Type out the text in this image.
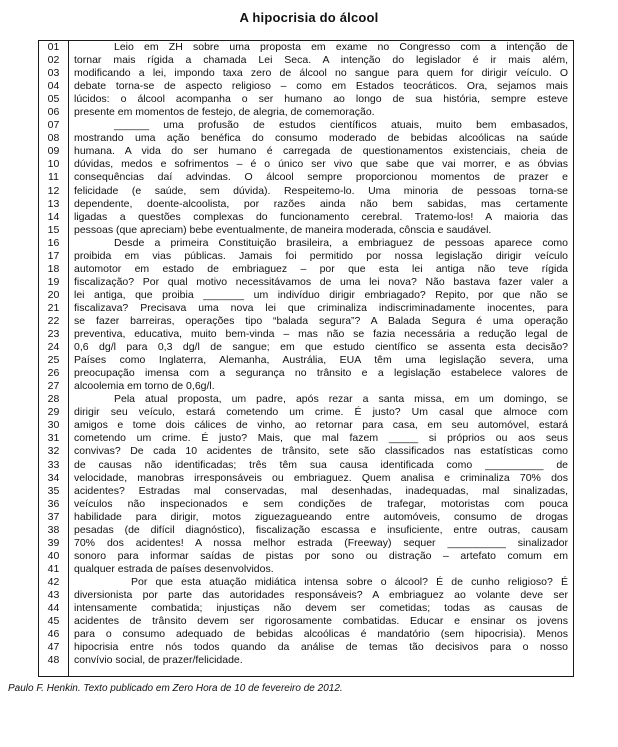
A hipocrisia do álcool
01	Leio em ZH sobre uma proposta em exame no Congresso com a intenção de
02	tornar mais rígida a chamada Lei Seca. A intenção do legislador é ir mais além,
03	modificando a lei, impondo taxa zero de álcool no sangue para quem for dirigir veículo. O
04	debate torna-se de aspecto religioso – como em Estados teocráticos. Ora, sejamos mais
05	lúcidos: o álcool acompanha o ser humano ao longo de sua história, sempre esteve
06	presente em momentos de festejo, de alegria, de comemoração.
07	______ uma profusão de estudos científicos atuais, muito bem embasados,
08	mostrando uma ação benéfica do consumo moderado de bebidas alcoólicas na saúde
09	humana. A vida do ser humano é carregada de questionamentos existenciais, cheia de
10	dúvidas, medos e sofrimentos – é o único ser vivo que sabe que vai morrer, e as óbvias
11	consequências daí advindas. O álcool sempre proporcionou momentos de prazer e
12	felicidade (e saúde, sem dúvida). Respeitemo-lo. Uma minoria de pessoas torna-se
13	dependente, doente-alcoolista, por razões ainda não bem sabidas, mas certamente
14	ligadas a questões complexas do funcionamento cerebral. Tratemo-los! A maioria das
15	pessoas (que apreciam) bebe eventualmente, de maneira moderada, cônscia e saudável.
16	Desde a primeira Constituição brasileira, a embriaguez de pessoas aparece como
17	proibida em vias públicas. Jamais foi permitido por nossa legislação dirigir veículo
18	automotor em estado de embriaguez – por que esta lei antiga não teve rígida
19	fiscalização? Por qual motivo necessitávamos de uma lei nova? Não bastava fazer valer a
20	lei antiga, que proibia _______ um indivíduo dirigir embriagado? Repito, por que não se
21	fiscalizava? Precisava uma nova lei que criminaliza indiscriminadamente inocentes, para
22	se fazer barreiras, operações tipo “balada segura”? A Balada Segura é uma operação
23	preventiva, educativa, muito bem-vinda – mas não se fazia necessária a redução legal de
24	0,6 dg/l para 0,3 dg/l de sangue; em que estudo científico se assenta esta decisão?
25	Países como Inglaterra, Alemanha, Austrália, EUA têm uma legislação severa, uma
26	preocupação imensa com a segurança no trânsito e a legislação estabelece valores de
27	alcoolemia em torno de 0,6g/l.
28	Pela atual proposta, um padre, após rezar a santa missa, em um domingo, se
29	dirigir seu veículo, estará cometendo um crime. É justo? Um casal que almoce com
30	amigos e tome dois cálices de vinho, ao retornar para casa, em seu automóvel, estará
31	cometendo um crime. É justo? Mais, que mal fazem _____ si próprios ou aos seus
32	convivas? De cada 10 acidentes de trânsito, sete são classificados nas estatísticas como
33	de causas não identificadas; três têm sua causa identificada como __________ de
34	velocidade, manobras irresponsáveis ou embriaguez. Quem analisa e criminaliza 70% dos
35	acidentes? Estradas mal conservadas, mal desenhadas, inadequadas, mal sinalizadas,
36	veículos não inspecionados e sem condições de trafegar, motoristas com pouca
37	habilidade para dirigir, motos ziguezagueando entre automóveis, consumo de drogas
38	pesadas (de difícil diagnóstico), fiscalização escassa e insuficiente, entre outras, causam
39	70% dos acidentes! A nossa melhor estrada (Freeway) sequer __________ sinalizador
40	sonoro para informar saídas de pistas por sono ou distração – artefato comum em
41	qualquer estrada de países desenvolvidos.
42	Por que esta atuação midiática intensa sobre o álcool? É de cunho religioso? É
43	diversionista por parte das autoridades responsáveis? A embriaguez ao volante deve ser
44	intensamente combatida; injustiças não devem ser cometidas; todas as causas de
45	acidentes de trânsito devem ser rigorosamente combatidas. Educar e ensinar os jovens
46	para o consumo adequado de bebidas alcoólicas é mandatório (sem hipocrisia). Menos
47	hipocrisia entre nós todos quando da análise de temas tão decisivos para o nosso
48	convívio social, de prazer/felicidade.
Paulo F. Henkin. Texto publicado em Zero Hora de 10 de fevereiro de 2012.
